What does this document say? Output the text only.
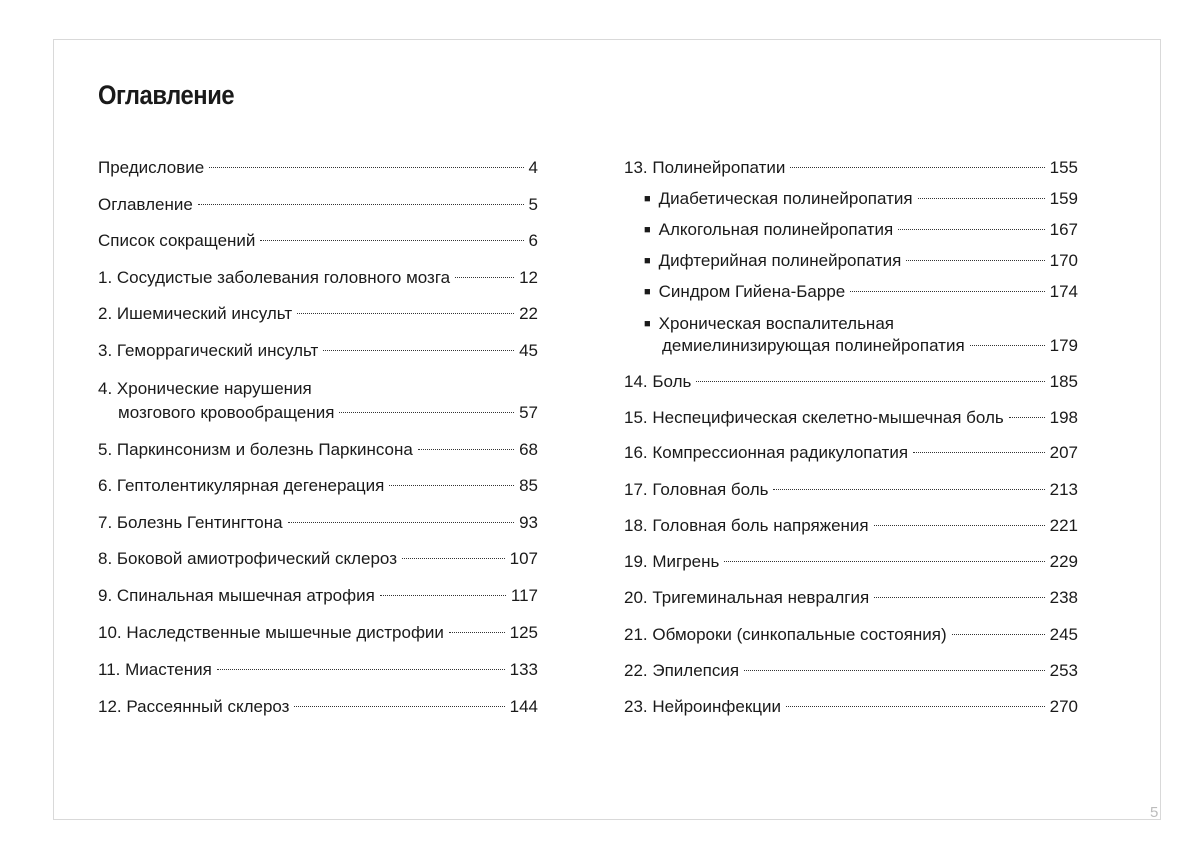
Оглавление
Предисловие	4
Оглавление	5
Список сокращений	6
1. Сосудистые заболевания головного мозга	12
2. Ишемический инсульт	22
3. Геморрагический инсульт	45
4. Хронические нарушения
мозгового кровообращения	57
5. Паркинсонизм и болезнь Паркинсона	68
6. Гептолентикулярная дегенерация	85
7. Болезнь Гентингтона	93
8. Боковой амиотрофический склероз	107
9. Спинальная мышечная атрофия	117
10. Наследственные мышечные дистрофии	125
11. Миастения	133
12. Рассеянный склероз	144
13. Полинейропатии	155
■ Диабетическая полинейропатия	159
■ Алкогольная полинейропатия	167
■ Дифтерийная полинейропатия	170
■ Синдром Гийена-Барре	174
■ Хроническая воспалительная
демиелинизирующая полинейропатия	179
14. Боль	185
15. Неспецифическая скелетно-мышечная боль	198
16. Компрессионная радикулопатия	207
17. Головная боль	213
18. Головная боль напряжения	221
19. Мигрень	229
20. Тригеминальная невралгия	238
21. Обмороки (синкопальные состояния)	245
22. Эпилепсия	253
23. Нейроинфекции	270
5
